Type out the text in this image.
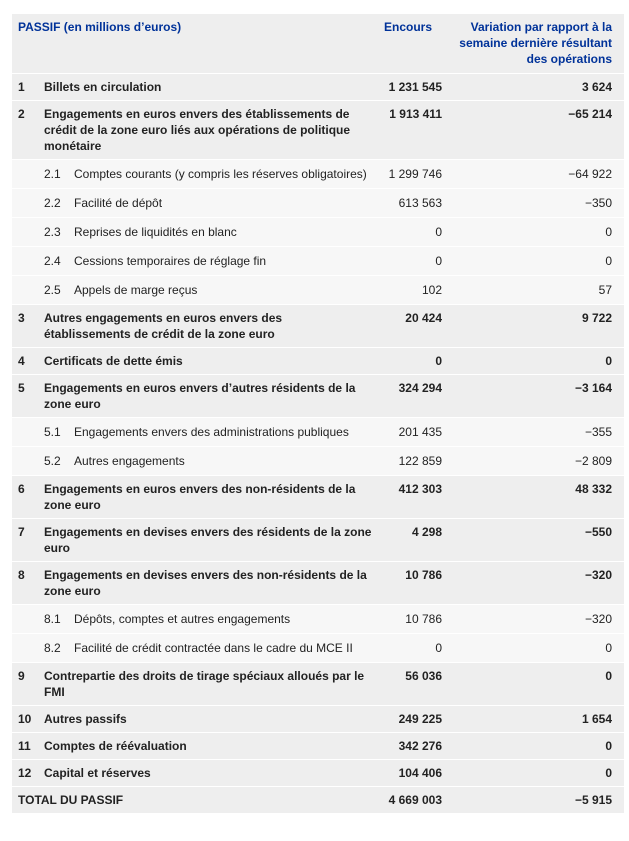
PASSIF (en millions d’euros)		Encours	Variation par rapport à la semaine dernière résultant des opérations
1	Billets en circulation	1 231 545	3 624
2	Engagements en euros envers des établissements de crédit de la zone euro liés aux opérations de politique monétaire	1 913 411	−65 214

	2.1 Comptes courants (y compris les réserves obligatoires)	1 299 746	−64 922

	2.2 Facilité de dépôt	613 563	−350

	2.3 Reprises de liquidités en blanc	0	0

	2.4 Cessions temporaires de réglage fin	0	0

	2.5 Appels de marge reçus	102	57
3	Autres engagements en euros envers des établissements de crédit de la zone euro	20 424	9 722
4	Certificats de dette émis	0	0
5	Engagements en euros envers d’autres résidents de la zone euro	324 294	−3 164

	5.1 Engagements envers des administrations publiques	201 435	−355

	5.2 Autres engagements	122 859	−2 809
6	Engagements en euros envers des non-résidents de la zone euro	412 303	48 332
7	Engagements en devises envers des résidents de la zone euro	4 298	−550
8	Engagements en devises envers des non-résidents de la zone euro	10 786	−320

	8.1 Dépôts, comptes et autres engagements	10 786	−320

	8.2 Facilité de crédit contractée dans le cadre du MCE II	0	0
9	Contrepartie des droits de tirage spéciaux alloués par le FMI	56 036	0
10	Autres passifs	249 225	1 654
11	Comptes de réévaluation	342 276	0
12	Capital et réserves	104 406	0
TOTAL DU PASSIF		4 669 003	−5 915
